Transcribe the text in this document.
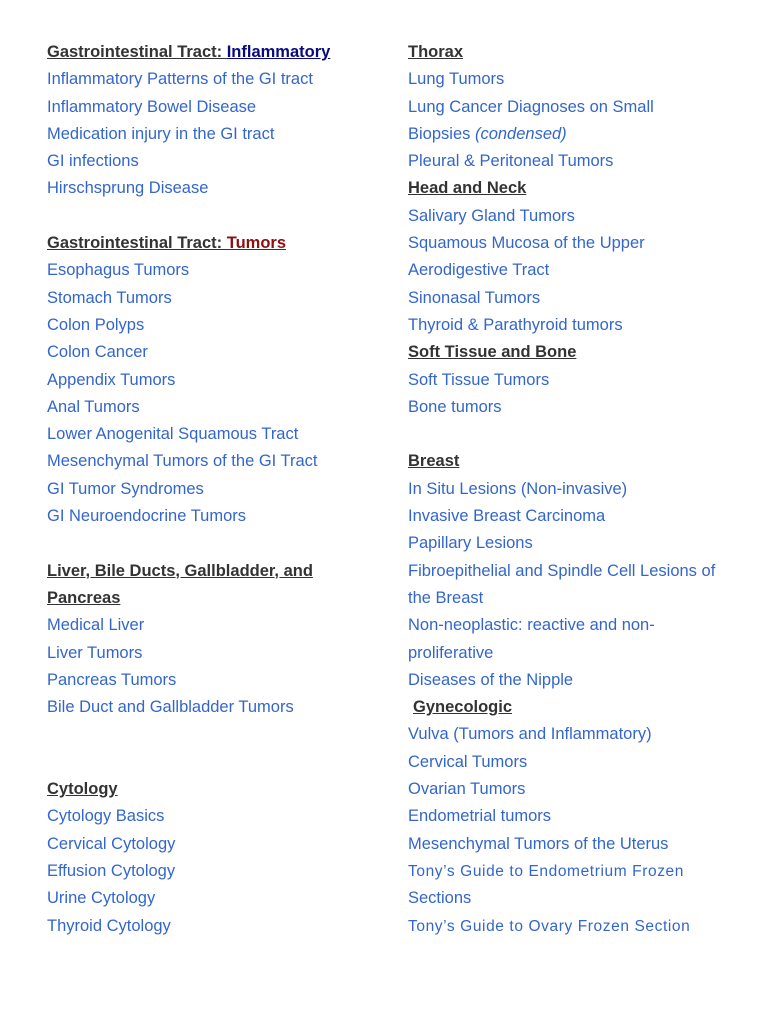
Gastrointestinal Tract: Inflammatory
Inflammatory Patterns of the GI tract
Inflammatory Bowel Disease
Medication injury in the GI tract
GI infections
Hirschsprung Disease
Gastrointestinal Tract: Tumors
Esophagus Tumors
Stomach Tumors
Colon Polyps
Colon Cancer
Appendix Tumors
Anal Tumors
Lower Anogenital Squamous Tract
Mesenchymal Tumors of the GI Tract
GI Tumor Syndromes
GI Neuroendocrine Tumors
Liver, Bile Ducts, Gallbladder, and
Pancreas
Medical Liver
Liver Tumors
Pancreas Tumors
Bile Duct and Gallbladder Tumors
Cytology
Cytology Basics
Cervical Cytology
Effusion Cytology
Urine Cytology
Thyroid Cytology
Thorax
Lung Tumors
Lung Cancer Diagnoses on Small
Biopsies (condensed)
Pleural & Peritoneal Tumors
Head and Neck
Salivary Gland Tumors
Squamous Mucosa of the Upper
Aerodigestive Tract
Sinonasal Tumors
Thyroid & Parathyroid tumors
Soft Tissue and Bone
Soft Tissue Tumors
Bone tumors
Breast
In Situ Lesions (Non-invasive)
Invasive Breast Carcinoma
Papillary Lesions
Fibroepithelial and Spindle Cell Lesions of
the Breast
Non-neoplastic: reactive and non-
proliferative
Diseases of the Nipple
Gynecologic
Vulva (Tumors and Inflammatory)
Cervical Tumors
Ovarian Tumors
Endometrial tumors
Mesenchymal Tumors of the Uterus
Tony’s Guide to Endometrium Frozen
Sections
Tony’s Guide to Ovary Frozen Section
